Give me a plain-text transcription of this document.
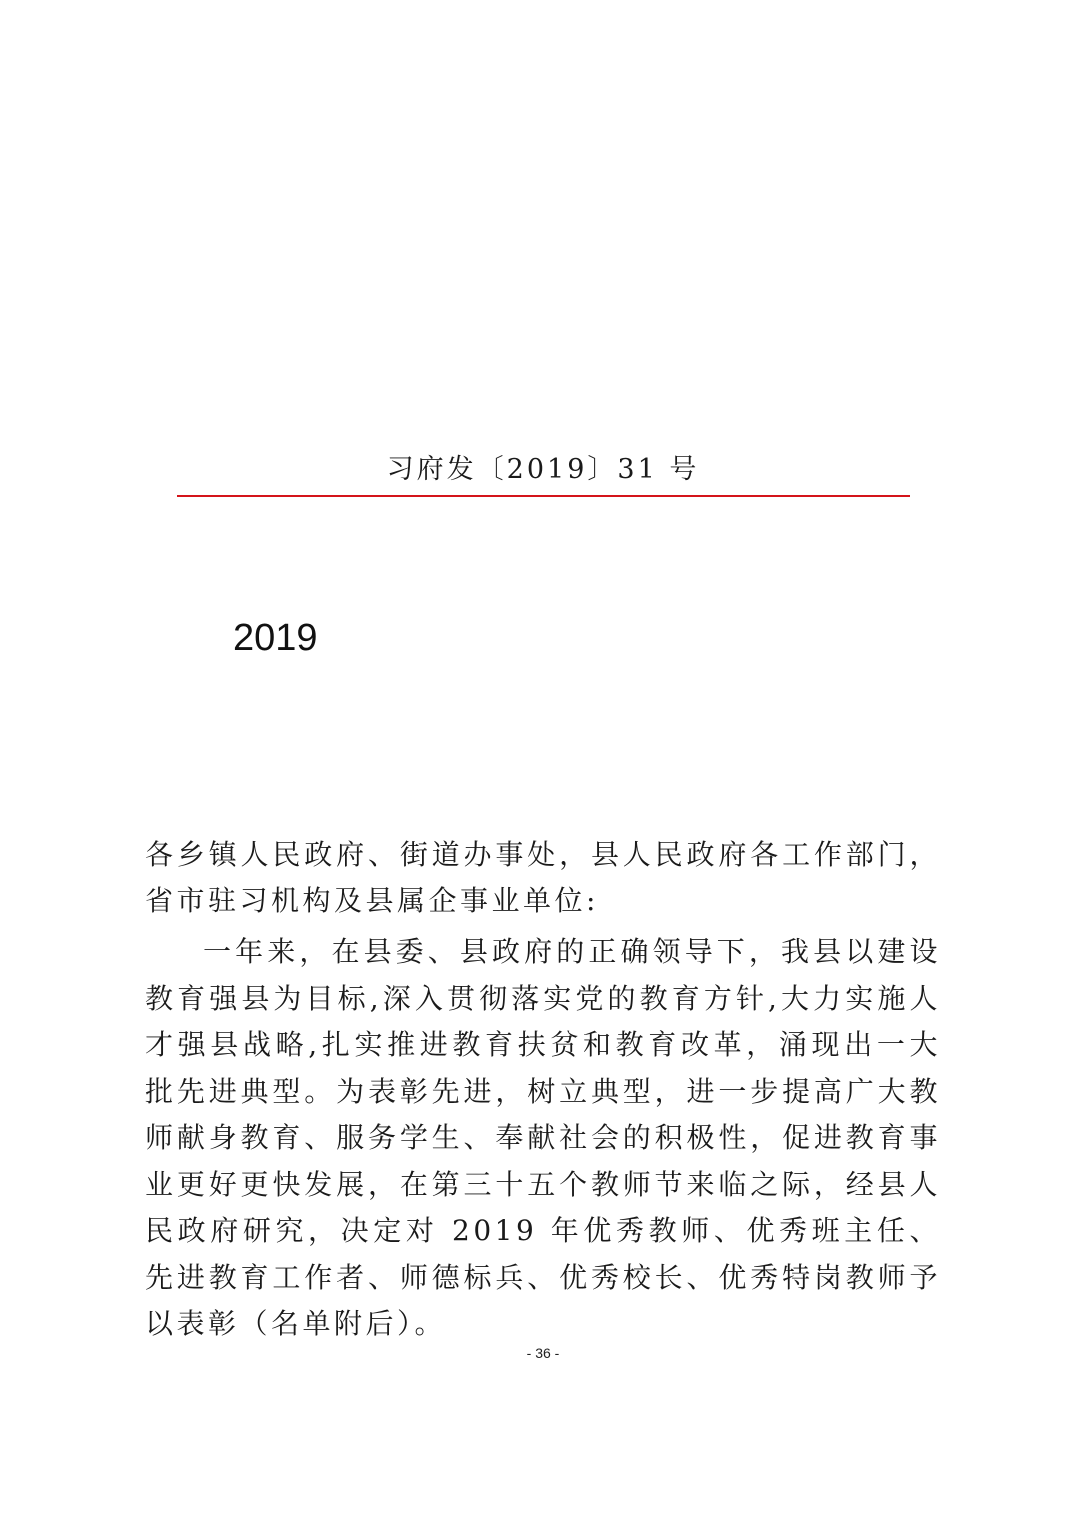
习府发〔2019〕31 号
2019
各乡镇人民政府、街道办事处，县人民政府各工作部门，省市驻习机构及县属企事业单位:
一年来，在县委、县政府的正确领导下，我县以建设教育强县为目标,深入贯彻落实党的教育方针,大力实施人才强县战略,扎实推进教育扶贫和教育改革，涌现出一大批先进典型。为表彰先进，树立典型，进一步提高广大教师献身教育、服务学生、奉献社会的积极性，促进教育事业更好更快发展，在第三十五个教师节来临之际，经县人民政府研究，决定对 2019 年优秀教师、优秀班主任、先进教育工作者、师德标兵、优秀校长、优秀特岗教师予以表彰（名单附后）。
- 36 -
